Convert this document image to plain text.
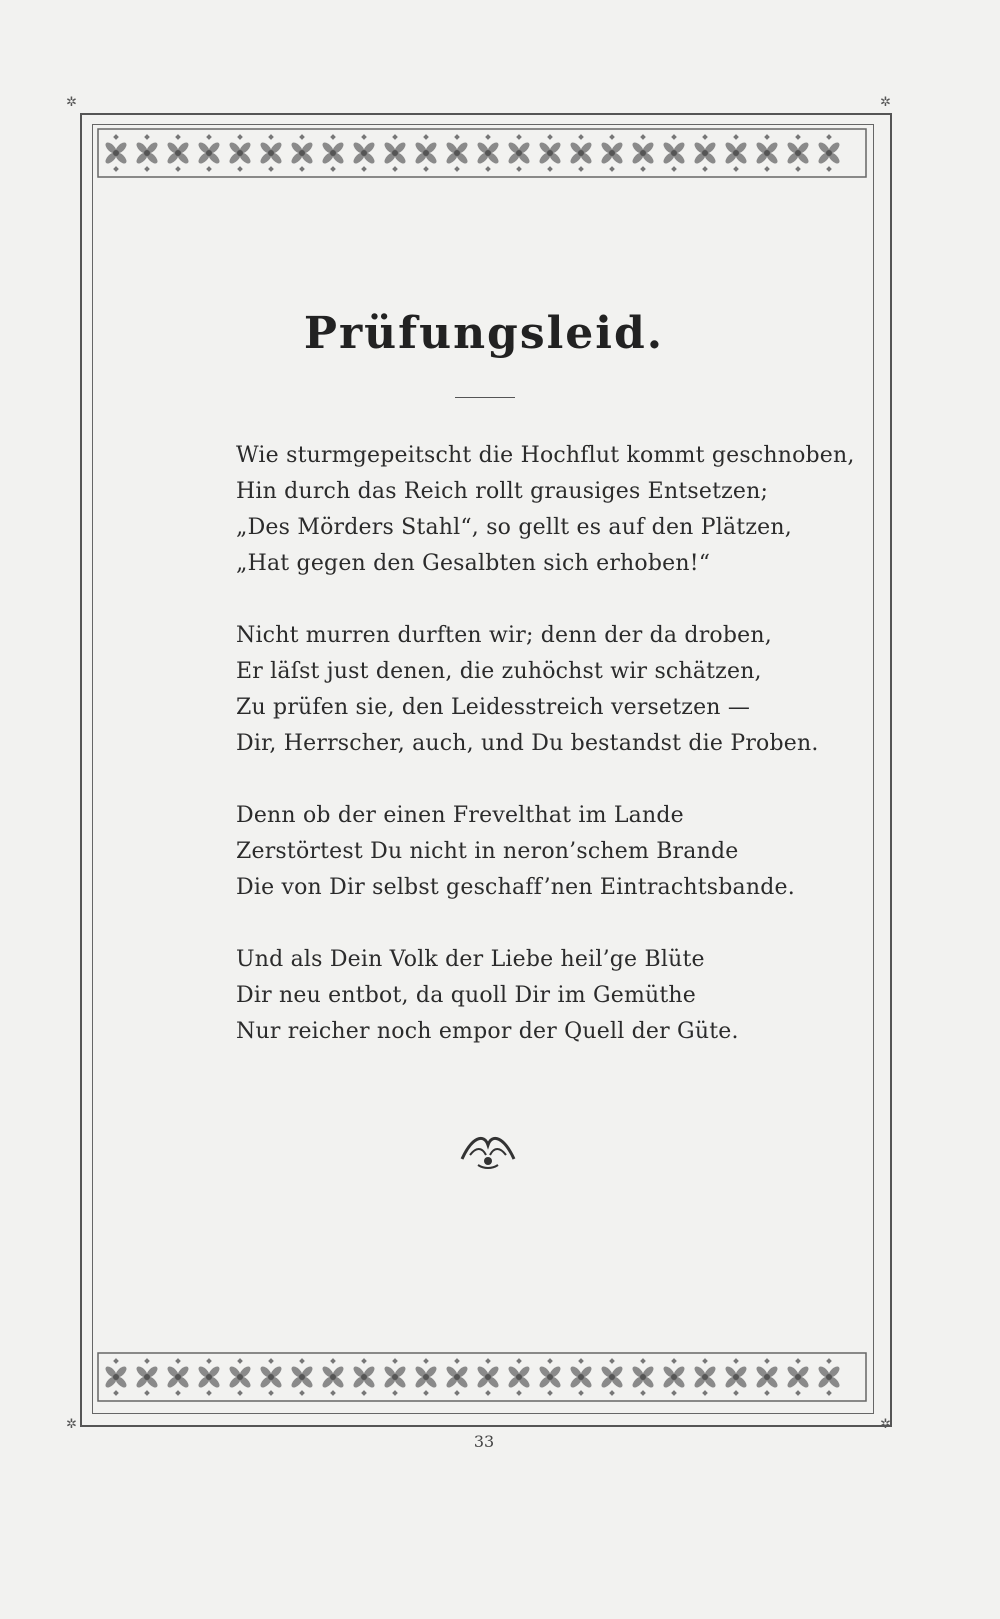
✲	✲
✲	✲
Prüfungsleid.
Wie sturmgepeitscht die Hochflut kommt geschnoben,
Hin durch das Reich rollt grausiges Entsetzen;
„Des Mörders Stahl“, so gellt es auf den Plätzen,
„Hat gegen den Gesalbten sich erhoben!“
Nicht murren durften wir; denn der da droben,
Er läſst just denen, die zuhöchst wir schätzen,
Zu prüfen sie, den Leidesstreich versetzen —
Dir, Herrscher, auch, und Du bestandst die Proben.
Denn ob der einen Frevelthat im Lande
Zerstörtest Du nicht in neron’schem Brande
Die von Dir selbst geschaff’nen Eintrachtsbande.
Und als Dein Volk der Liebe heil’ge Blüte
Dir neu entbot, da quoll Dir im Gemüthe
Nur reicher noch empor der Quell der Güte.
33
